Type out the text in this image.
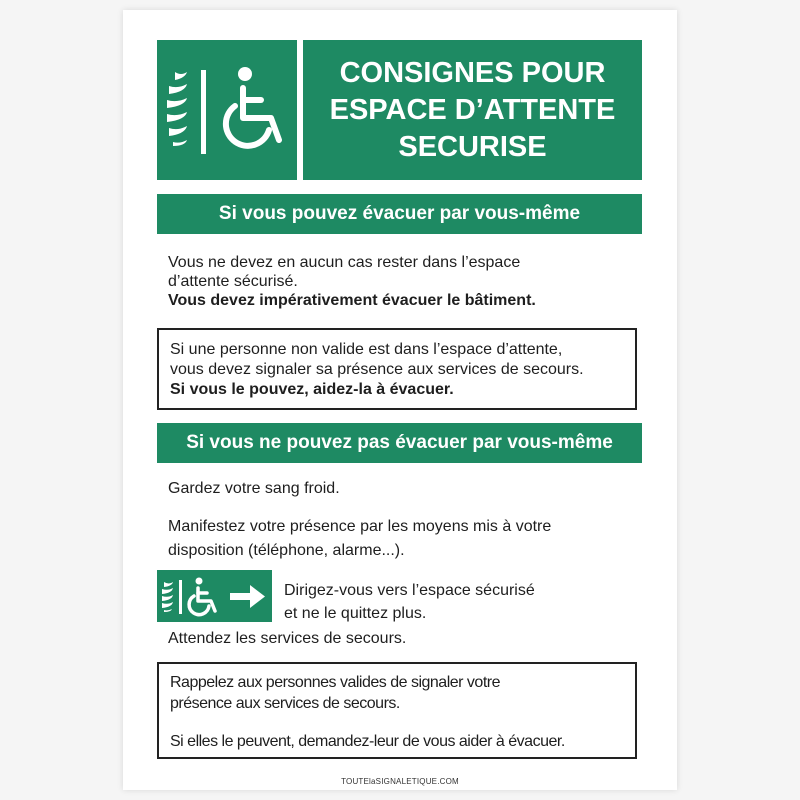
CONSIGNES POUR
ESPACE D’ATTENTE
SECURISE
Si vous pouvez évacuer par vous-même
Vous ne devez en aucun cas rester dans l’espace
d’attente sécurisé.
Vous devez impérativement évacuer le bâtiment.
Si une personne non valide est dans l’espace d’attente,
vous devez signaler sa présence aux services de secours.
Si vous le pouvez, aidez-la à évacuer.
Si vous ne pouvez pas évacuer par vous-même
Gardez votre sang froid.
Manifestez votre présence par les moyens mis à votre
disposition (téléphone, alarme...).
Dirigez-vous vers l’espace sécurisé
et ne le quittez plus.
Attendez les services de secours.
Rappelez aux personnes valides de signaler votre
présence aux services de secours.
Si elles le peuvent, demandez-leur de vous aider à évacuer.
TOUTElaSIGNALETIQUE.COM
